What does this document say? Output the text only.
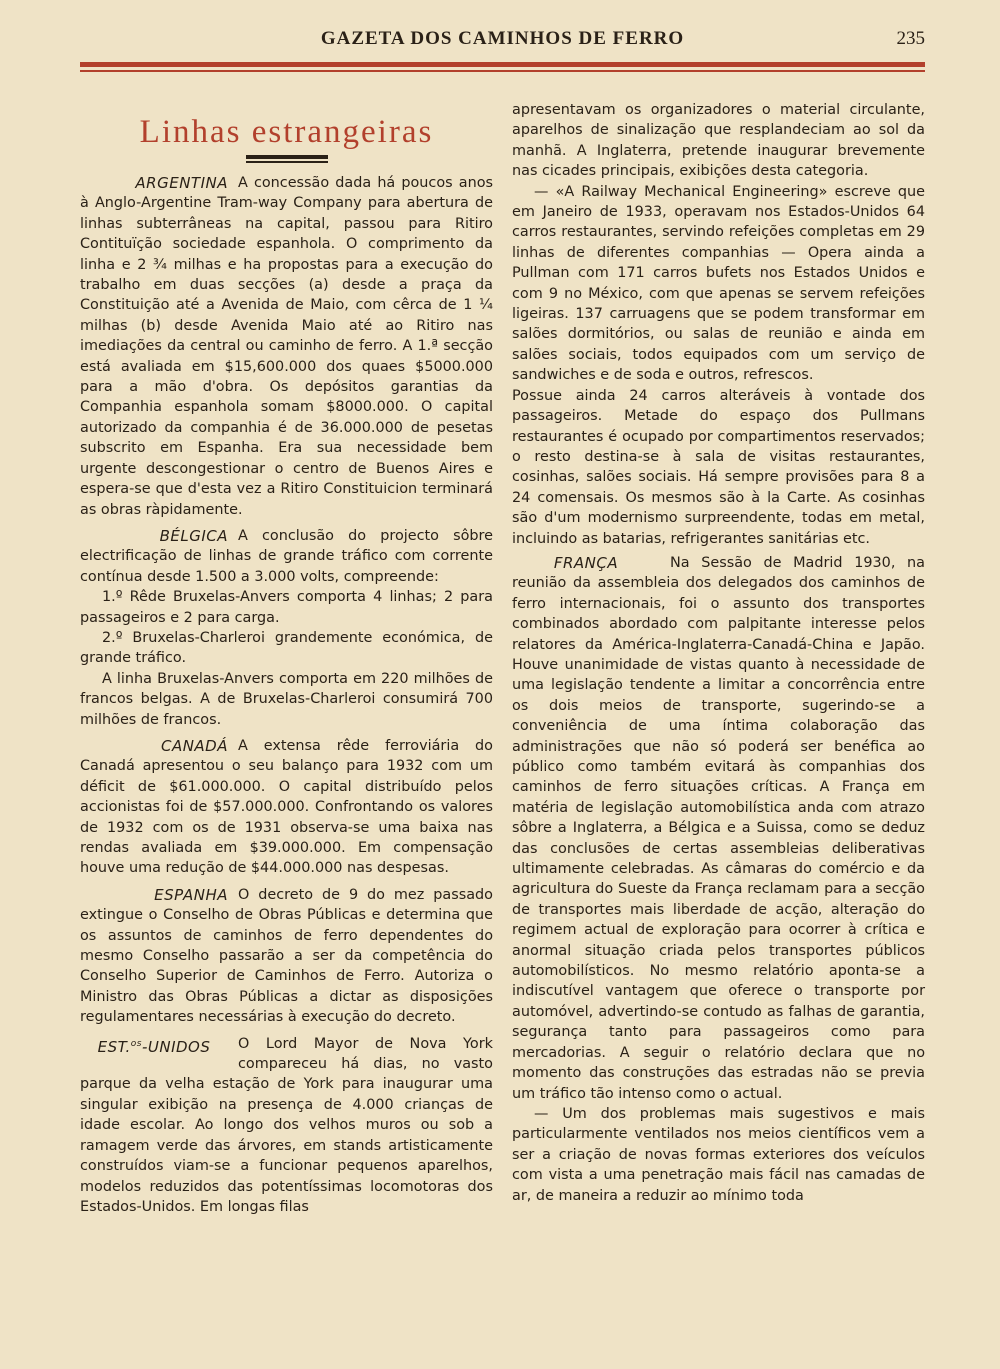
GAZETA DOS CAMINHOS DE FERRO	235
Linhas estrangeiras

ARGENTINA A concessão dada há poucos anos à Anglo-Argentine Tram-way Company para abertura de linhas subterrâneas na capital, passou para Ritiro Contituïção sociedade espanhola. O comprimento da linha e 2 ¾ milhas e ha propostas para a execução do trabalho em duas secções (a) desde a praça da Constituição até a Avenida de Maio, com cêrca de 1 ¼ milhas (b) desde Avenida Maio até ao Ritiro nas imediações da central ou caminho de ferro. A 1.ª secção está avaliada em $15,600.000 dos quaes $5000.000 para a mão d'obra. Os depósitos garantias da Companhia espanhola somam $8000.000. O capital autorizado da companhia é de 36.000.000 de pesetas subscrito em Espanha. Era sua necessidade bem urgente descongestionar o centro de Buenos Aires e espera-se que d'esta vez a Ritiro Constituicion terminará as obras ràpidamente.

BÉLGICA A conclusão do projecto sôbre electrificação de linhas de grande tráfico com corrente contínua desde 1.500 a 3.000 volts, compreende:

1.º Rêde Bruxelas-Anvers comporta 4 linhas; 2 para passageiros e 2 para carga.

2.º Bruxelas-Charleroi grandemente económica, de grande tráfico.

A linha Bruxelas-Anvers comporta em 220 milhões de francos belgas. A de Bruxelas-Charleroi consumirá 700 milhões de francos.

CANADÁ A extensa rêde ferroviária do Canadá apresentou o seu balanço para 1932 com um déficit de $61.000.000. O capital distribuído pelos accionistas foi de $57.000.000. Confrontando os valores de 1932 com os de 1931 observa-se uma baixa nas rendas avaliada em $39.000.000. Em compensação houve uma redução de $44.000.000 nas despesas.

ESPANHA O decreto de 9 do mez passado extingue o Conselho de Obras Públicas e determina que os assuntos de caminhos de ferro dependentes do mesmo Conselho passarão a ser da competência do Conselho Superior de Caminhos de Ferro. Autoriza o Ministro das Obras Públicas a dictar as disposições regulamentares necessárias à execução do decreto.

EST.$^{os}$-UNIDOS	O Lord Mayor de Nova York compareceu há dias, no vasto parque da velha estação de York para inaugurar uma singular exibição na presença de 4.000 crianças de idade escolar. Ao longo dos velhos muros ou sob a ramagem verde das árvores, em stands artisticamente construídos viam-se a funcionar pequenos aparelhos, modelos reduzidos das potentíssimas locomotoras dos Estados-Unidos. Em longas filas

apresentavam os organizadores o material circulante, aparelhos de sinalização que resplandeciam ao sol da manhã. A Inglaterra, pretende inaugurar brevemente nas cicades principais, exibições desta categoria.

— «A Railway Mechanical Engineering» escreve que em Janeiro de 1933, operavam nos Estados-Unidos 64 carros restaurantes, servindo refeições completas em 29 linhas de diferentes companhias — Opera ainda a Pullman com 171 carros bufets nos Estados Unidos e com 9 no México, com que apenas se servem refeições ligeiras. 137 carruagens que se podem transformar em salões dormitórios, ou salas de reunião e ainda em salões sociais, todos equipados com um serviço de sandwiches e de soda e outros, refrescos.

Possue ainda 24 carros alteráveis à vontade dos passageiros. Metade do espaço dos Pullmans restaurantes é ocupado por compartimentos reservados; o resto destina-se à sala de visitas restaurantes, cosinhas, salões sociais. Há sempre provisões para 8 a 24 comensais. Os mesmos são à la Carte. As cosinhas são d'um modernismo surpreendente, todas em metal, incluindo as batarias, refrigerantes sanitárias etc.

FRANÇA	Na Sessão de Madrid 1930, na reunião da assembleia dos delegados dos caminhos de ferro internacionais, foi o assunto dos transportes combinados abordado com palpitante interesse pelos relatores da América-Inglaterra-Canadá-China e Japão. Houve unanimidade de vistas quanto à necessidade de uma legislação tendente a limitar a concorrência entre os dois meios de transporte, sugerindo-se a conveniência de uma íntima colaboração das administrações que não só poderá ser benéfica ao público como também evitará às companhias dos caminhos de ferro situações críticas. A França em matéria de legislação automobilística anda com atrazo sôbre a Inglaterra, a Bélgica e a Suissa, como se deduz das conclusões de certas assembleias deliberativas ultimamente celebradas. As câmaras do comércio e da agricultura do Sueste da França reclamam para a secção de transportes mais liberdade de acção, alteração do regimem actual de exploração para ocorrer à crítica e anormal situação criada pelos transportes públicos automobilísticos. No mesmo relatório aponta-se a indiscutível vantagem que oferece o transporte por automóvel, advertindo-se contudo as falhas de garantia, segurança tanto para passageiros como para mercadorias. A seguir o relatório declara que no momento das construções das estradas não se previa um tráfico tão intenso como o actual.

— Um dos problemas mais sugestivos e mais particularmente ventilados nos meios científicos vem a ser a criação de novas formas exteriores dos veículos com vista a uma penetração mais fácil nas camadas de ar, de maneira a reduzir ao mínimo toda
